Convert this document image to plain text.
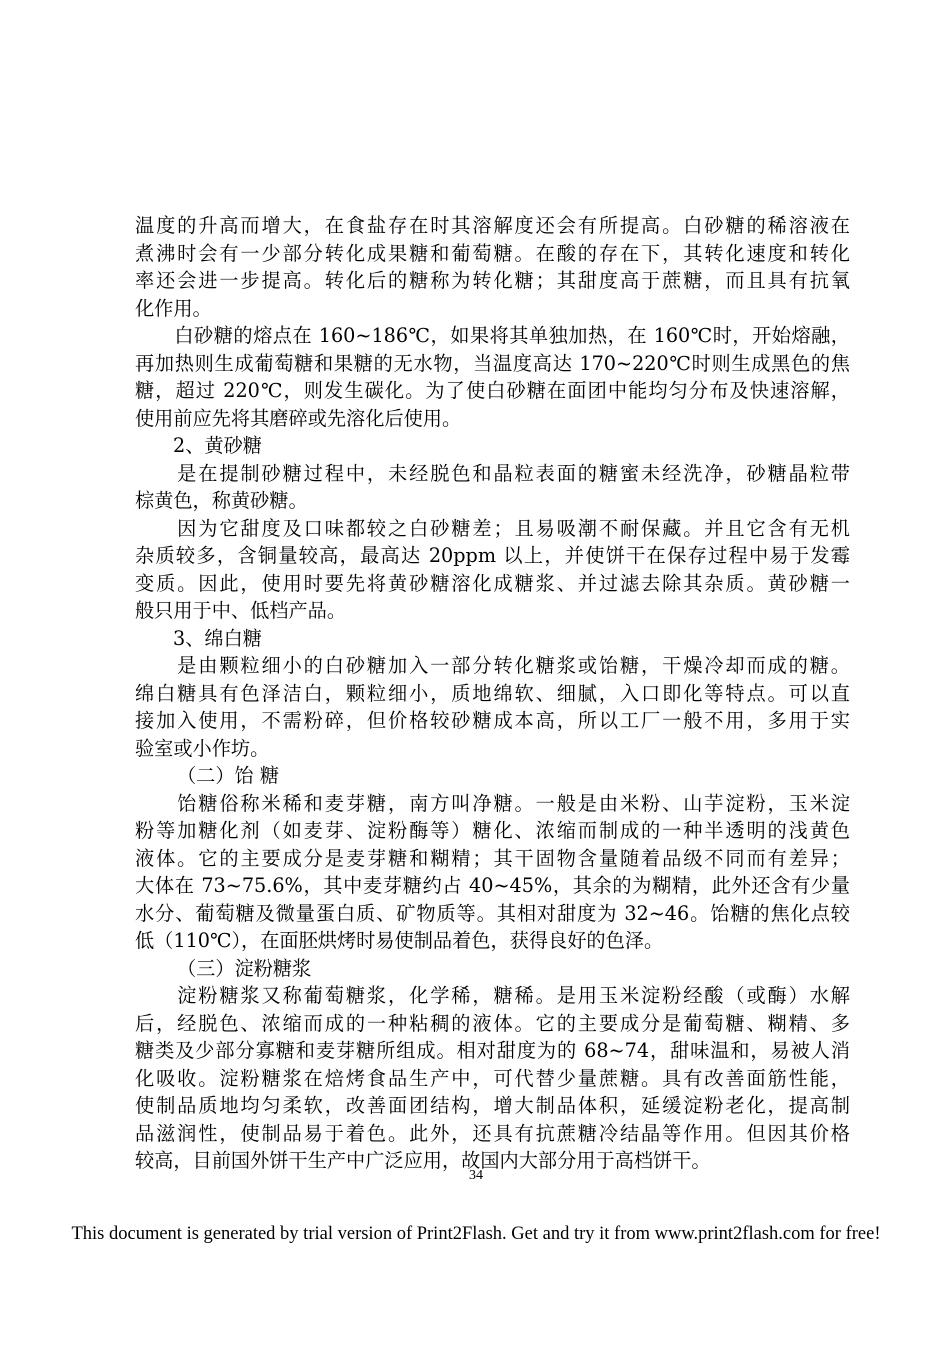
温度的升高而增大，在食盐存在时其溶解度还会有所提高。白砂糖的稀溶液在
煮沸时会有一少部分转化成果糖和葡萄糖。在酸的存在下，其转化速度和转化
率还会进一步提高。转化后的糖称为转化糖；其甜度高于蔗糖，而且具有抗氧
化作用。
　　白砂糖的熔点在 160~186℃，如果将其单独加热，在 160℃时，开始熔融，
再加热则生成葡萄糖和果糖的无水物，当温度高达 170~220℃时则生成黑色的焦
糖，超过 220℃，则发生碳化。为了使白砂糖在面团中能均匀分布及快速溶解，
使用前应先将其磨碎或先溶化后使用。
2、黄砂糖
　　是在提制砂糖过程中，未经脱色和晶粒表面的糖蜜未经洗净，砂糖晶粒带
棕黄色，称黄砂糖。
　　因为它甜度及口味都较之白砂糖差；且易吸潮不耐保藏。并且它含有无机
杂质较多，含铜量较高，最高达 20ppm 以上，并使饼干在保存过程中易于发霉
变质。因此，使用时要先将黄砂糖溶化成糖浆、并过滤去除其杂质。黄砂糖一
般只用于中、低档产品。
3、绵白糖
　　是由颗粒细小的白砂糖加入一部分转化糖浆或饴糖，干燥冷却而成的糖。
绵白糖具有色泽洁白，颗粒细小，质地绵软、细腻，入口即化等特点。可以直
接加入使用，不需粉碎，但价格较砂糖成本高，所以工厂一般不用，多用于实
验室或小作坊。
（二）饴 糖
　　饴糖俗称米稀和麦芽糖，南方叫净糖。一般是由米粉、山芋淀粉，玉米淀
粉等加糖化剂（如麦芽、淀粉酶等）糖化、浓缩而制成的一种半透明的浅黄色
液体。它的主要成分是麦芽糖和糊精；其干固物含量随着品级不同而有差异；
大体在 73~75.6%，其中麦芽糖约占 40~45%，其余的为糊精，此外还含有少量
水分、葡萄糖及微量蛋白质、矿物质等。其相对甜度为 32~46。饴糖的焦化点较
低（110℃），在面胚烘烤时易使制品着色，获得良好的色泽。
（三）淀粉糖浆
　　淀粉糖浆又称葡萄糖浆，化学稀，糖稀。是用玉米淀粉经酸（或酶）水解
后，经脱色、浓缩而成的一种粘稠的液体。它的主要成分是葡萄糖、糊精、多
糖类及少部分寡糖和麦芽糖所组成。相对甜度为的 68~74，甜味温和，易被人消
化吸收。淀粉糖浆在焙烤食品生产中，可代替少量蔗糖。具有改善面筋性能，
使制品质地均匀柔软，改善面团结构，增大制品体积，延缓淀粉老化，提高制
品滋润性，使制品易于着色。此外，还具有抗蔗糖冷结晶等作用。但因其价格
较高，目前国外饼干生产中广泛应用，故国内大部分用于高档饼干。
34
This document is generated by trial version of Print2Flash. Get and try it from www.print2flash.com for free!
